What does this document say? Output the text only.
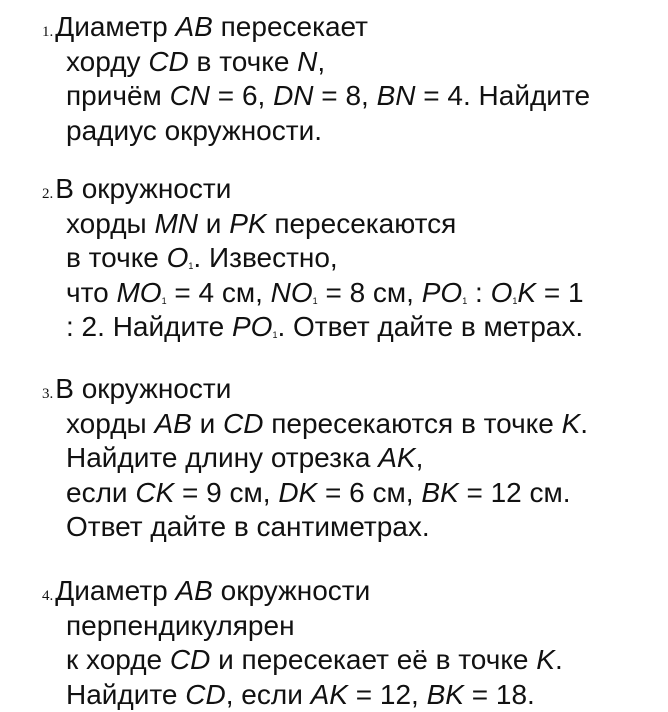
1.Диаметр AB пересекает
хорду CD в точке N,
причём CN = 6, DN = 8, BN = 4. Найдите
радиус окружности.
2.В окружности
хорды MN и PK пересекаются
в точке $O_1$. Известно,
что $MO_1 = 4$ см, $NO_1 = 8$ см, $PO_1$ : $O_1K = 1$
: 2. Найдите $PO_1$. Ответ дайте в метрах.
3.В окружности
хорды AB и CD пересекаются в точке K.
Найдите длину отрезка AK,
если CK = 9 см, DK = 6 см, BK = 12 см.
Ответ дайте в сантиметрах.
4.Диаметр AB окружности
перпендикулярен
к хорде CD и пересекает её в точке K.
Найдите CD, если AK = 12, BK = 18.
